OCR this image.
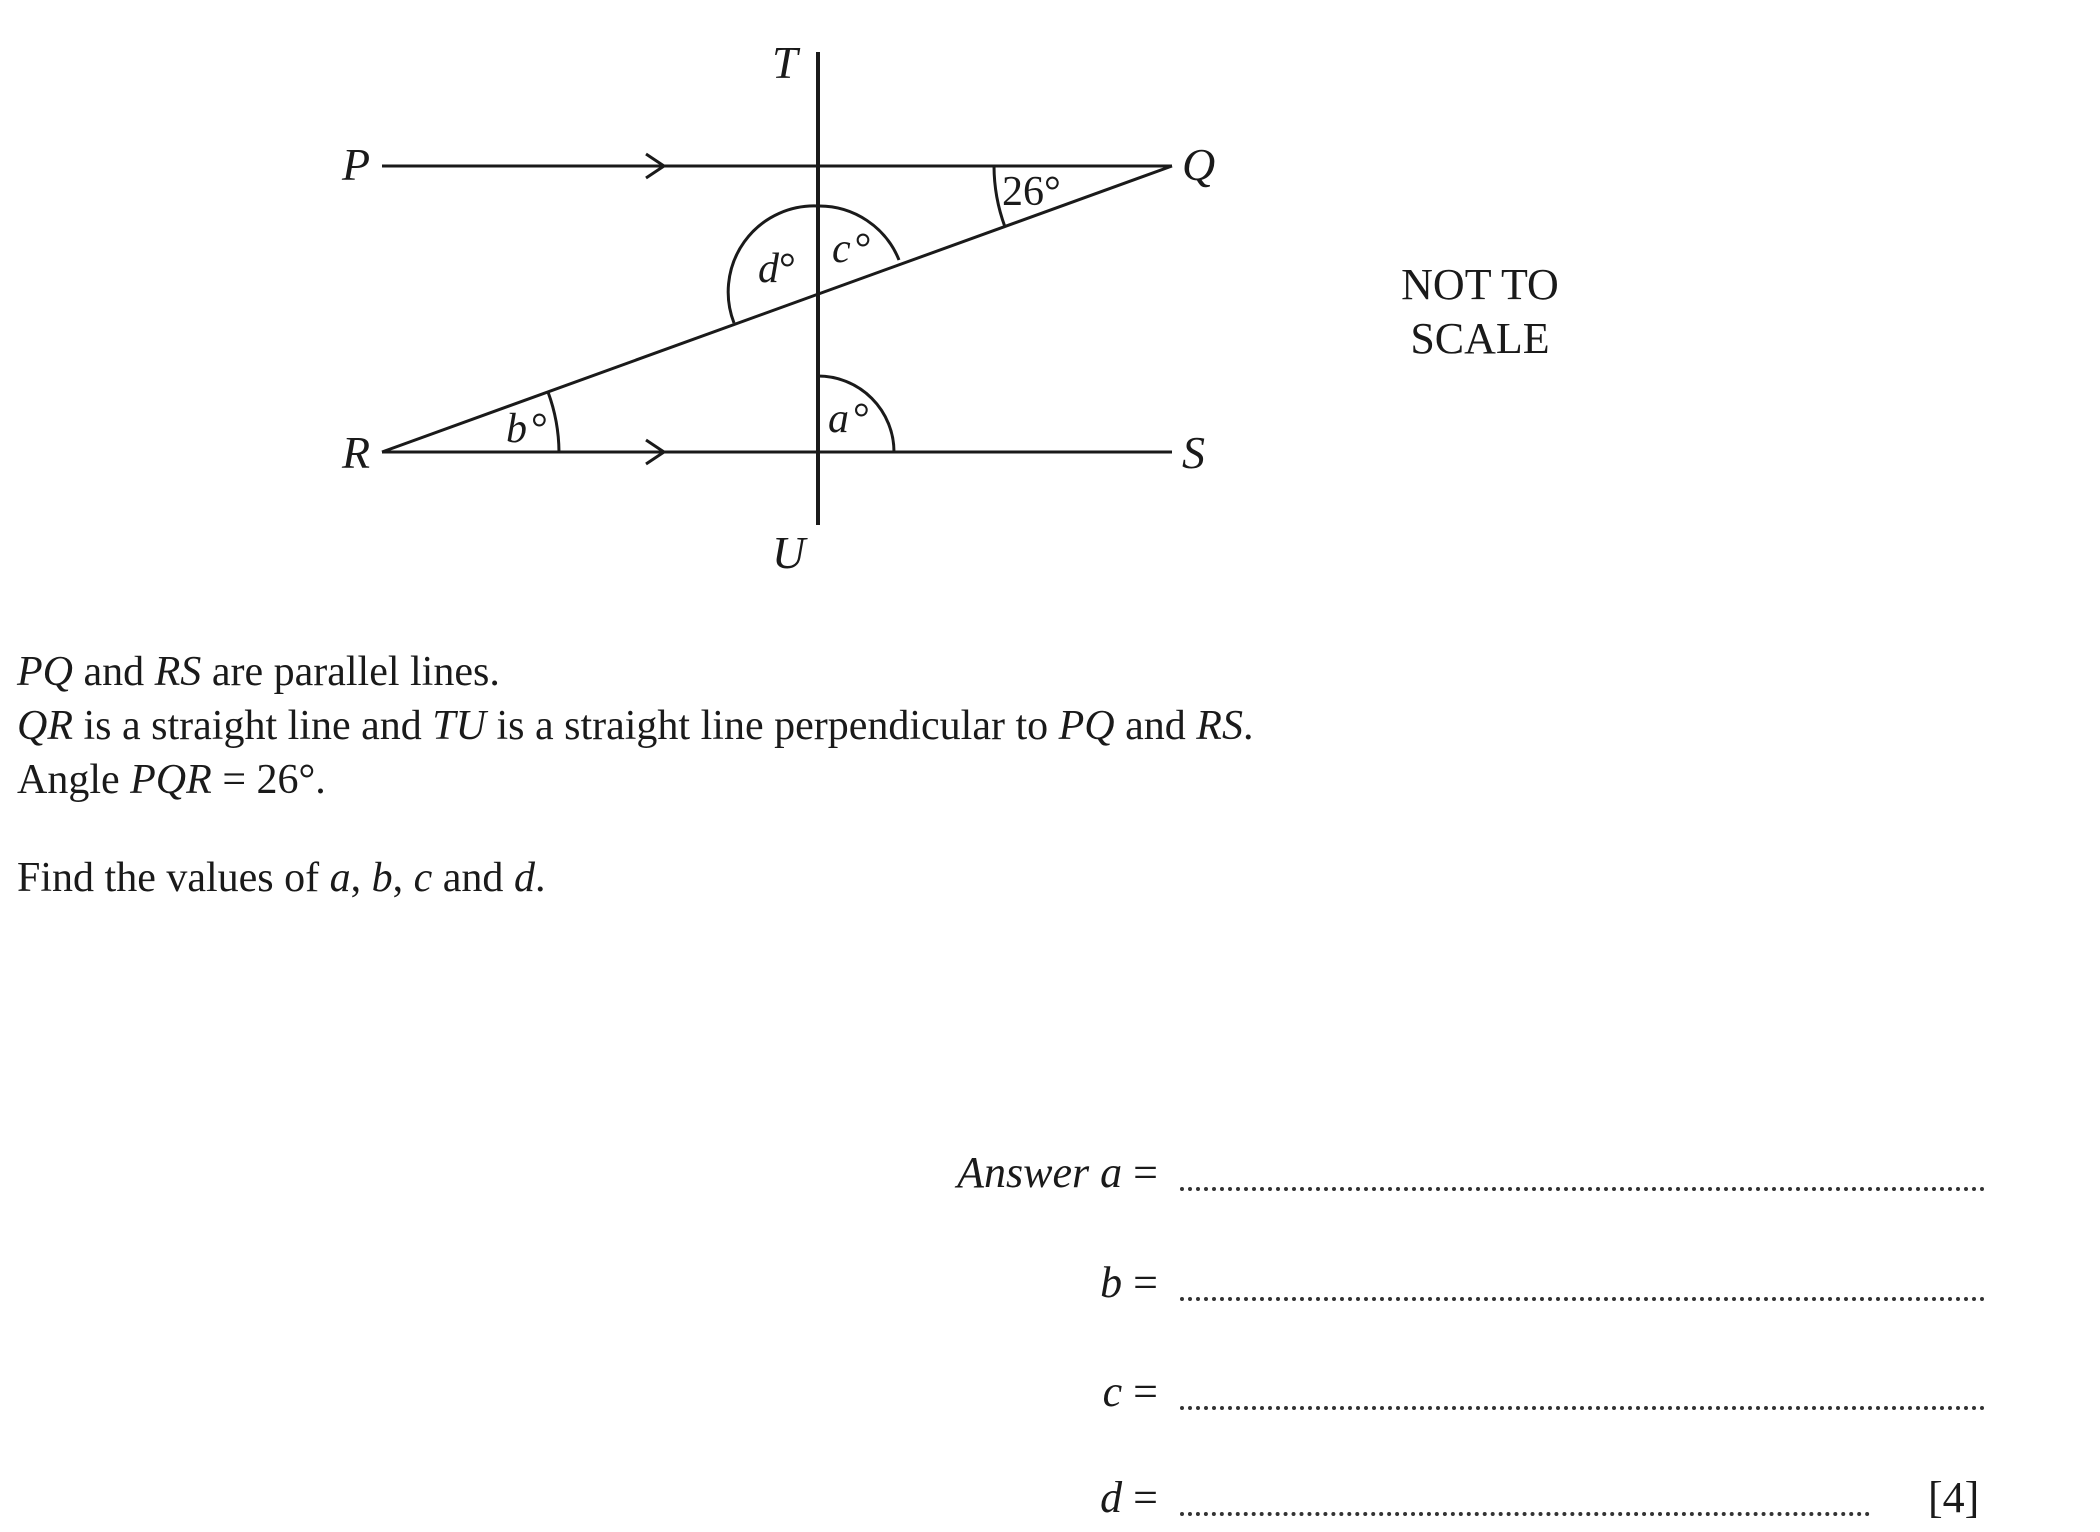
T
P	Q
R	S
U
26°
d° c°
b°	a°
NOT TO
SCALE

PQ and RS are parallel lines.

QR is a straight line and TU is a straight line perpendicular to PQ and RS.

Angle PQR = 26°.

Find the values of a, b, c and d.

Answer a =
b =
c =
d =	[4]
